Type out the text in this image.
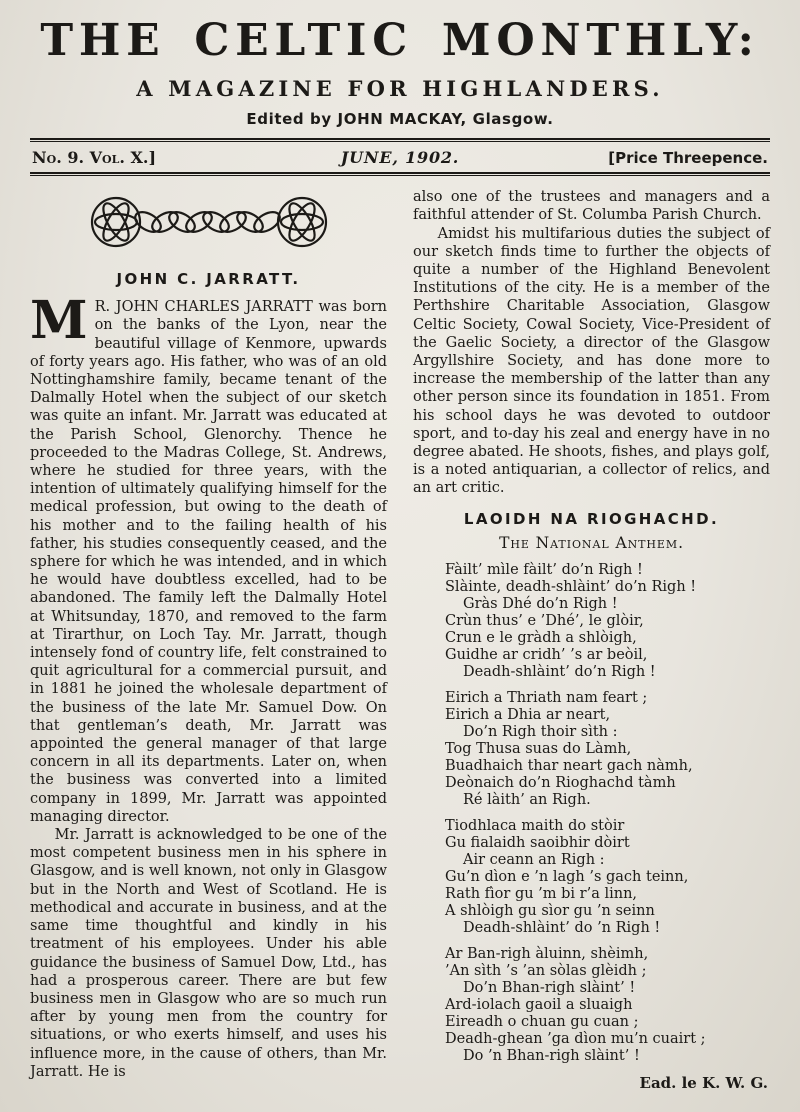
THE CELTIC MONTHLY:
A MAGAZINE FOR HIGHLANDERS.
Edited by JOHN MACKAY, Glasgow.
No. 9. Vol. X.]	JUNE, 1902.	[Price Threepence.
JOHN C. JARRATT.

M R. JOHN CHARLES JARRATT was born on the banks of the Lyon, near the beautiful village of Kenmore, upwards of forty years ago. His father, who was of an old Nottinghamshire family, became tenant of the Dalmally Hotel when the subject of our sketch was quite an infant. Mr. Jarratt was educated at the Parish School, Glenorchy. Thence he proceeded to the Madras College, St. Andrews, where he studied for three years, with the intention of ultimately qualifying himself for the medical profession, but owing to the death of his mother and to the failing health of his father, his studies consequently ceased, and the sphere for which he was intended, and in which he would have doubtless excelled, had to be abandoned. The family left the Dalmally Hotel at Whitsunday, 1870, and removed to the farm at Tirarthur, on Loch Tay. Mr. Jarratt, though intensely fond of country life, felt constrained to quit agricultural for a commercial pursuit, and in 1881 he joined the wholesale department of the business of the late Mr. Samuel Dow. On that gentleman’s death, Mr. Jarratt was appointed the general manager of that large concern in all its departments. Later on, when the business was converted into a limited company in 1899, Mr. Jarratt was appointed managing director.

Mr. Jarratt is acknowledged to be one of the most competent business men in his sphere in Glasgow, and is well known, not only in Glasgow but in the North and West of Scotland. He is methodical and accurate in business, and at the same time thoughtful and kindly in his treatment of his employees. Under his able guidance the business of Samuel Dow, Ltd., has had a prosperous career. There are but few business men in Glasgow who are so much run after by young men from the country for situations, or who exerts himself, and uses his influence more, in the cause of others, than Mr. Jarratt. He is

also one of the trustees and managers and a faithful attender of St. Columba Parish Church.

Amidst his multifarious duties the subject of our sketch finds time to further the objects of quite a number of the Highland Benevolent Institutions of the city. He is a member of the Perthshire Charitable Association, Glasgow Celtic Society, Cowal Society, Vice-President of the Gaelic Society, a director of the Glasgow Argyllshire Society, and has done more to increase the membership of the latter than any other person since its foundation in 1851. From his school days he was devoted to outdoor sport, and to-day his zeal and energy have in no degree abated. He shoots, fishes, and plays golf, is a noted antiquarian, a collector of relics, and an art critic.

LAOIDH NA RIOGHACHD.
The National Anthem.
Fàilt’ mìle fàilt’ do’n Righ !
Slàinte, deadh-shlàint’ do’n Righ !
Gràs Dhé do’n Righ !
Crùn thus’ e ’Dhé’, le glòir,
Crun e le gràdh a shlòigh,
Guidhe ar cridh’ ’s ar beòil,
Deadh-shlàint’ do’n Righ !
Eirich a Thriath nam feart ;
Eirich a Dhia ar neart,
Do’n Righ thoir sìth :
Tog Thusa suas do Làmh,
Buadhaich thar neart gach nàmh,
Deònaich do’n Rioghachd tàmh
Ré làith’ an Righ.
Tiodhlaca maith do stòir
Gu fialaidh saoibhir dòirt
Air ceann an Righ :
Gu’n dìon e ’n lagh ’s gach teinn,
Rath fìor gu ’m bi r’a linn,
A shlòigh gu sìor gu ’n seinn
Deadh-shlàint’ do ’n Righ !
Ar Ban-righ àluinn, shèimh,
’An sìth ’s ’an sòlas glèidh ;
Do’n Bhan-righ slàint’ !
Ard-iolach gaoil a sluaigh
Eireadh o chuan gu cuan ;
Deadh-ghean ’ga dìon mu’n cuairt ;
Do ’n Bhan-righ slàint’ !
Ead. le K. W. G.
